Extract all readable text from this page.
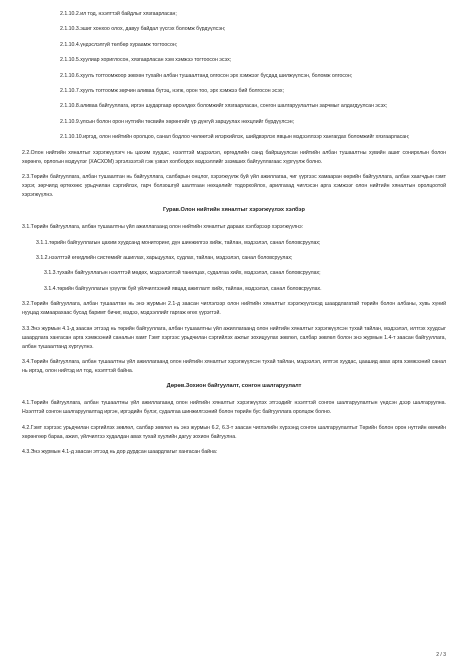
2.1.10.2.ил тод, нээлттэй байдлыг хязгаарласан;

2.1.10.3.эшиг хонхоо олох, давуу байдал үүсгэх боломж бүрдүүлсэн;

2.1.10.4.үндэслэлгүй төлбөр хураамж тогтоосон;

2.1.10.5.хуулиар хориглосон, хязгаарласан хэм хэмжээ тогтоосон эсэх;

2.1.10.6.хуулъ тогтоомжоор зөвхөн тухайн албан тушаалтанд олгосон эрх хэмжээг бусдад шилжүүлсэн, боломж олгосон;

2.1.10.7.хуулъ тогтоомж зөрчин аливаа бүтэц, нэгж, орон тоо, эрх хэмжээ бий болгосон эсэх;

2.1.10.8.аливаа байгууллага, иргэн шударгаар өрсөлдөх боломжийг хязгаарласан, сонгон шалгаруулалтын зарчмыг алдагдуулсан эсэх;

2.1.10.9.улсын болон орон нутгийн төсвийн хөрөнгийг үр дүнгүй зарцуулах нөхцлийг бүрдүүлсэн;

2.1.10.10.иргэд, олон нийтийн оролцоо, санал бодлоо чөлөөтэй илэрхийлэх, шийдвэрлэх явцын мэдээллээр хангагдах боломжийг хязгаарласан;

2.2.Олон нийтийн хяналтыг хэрэгжүүлэгч нь цахим хуудас, нээлттэй мэдээлэл, өргөдлийн санд байршуулсан нийтийн албан тушаалтны хувийн ашиг сонирхлын болон хөрөнгө, орлогын мэдүүлэг (ХАСХОМ) эргэлзээтэй гэж үзвэл холбогдох мэдээллийг эзэмших байгууллагаас хүргүүлж болно.

2.3.Төрийн байгууллага, албан тушаалтан нь байгууллага, салбарын онцлог, хэрэгжүүлж буй үйл ажиллагаа, чиг үүргээс хамааран өөрийн байгууллага, албан хаагчдын гэмт хэрэг, зөрчилд өртөхөөс урьдчилан сэргийлэх, гарч болзошгүй шалтгаан нөхцөлийг тодорхойлох, арилгахад чиглэсэн арга хэмжээг олон нийтийн хяналтын оролцоотой хэрэгжүүлнэ.

Гурав.Олон нийтийн хяналтыг хэрэгжүүлэх хэлбэр

3.1.Төрийн байгууллага, албан тушаалтны үйл ажиллагаанд олон нийтийн хяналтыг дараах хэлбэрээр хэрэгжүүлнэ:

3.1.1.төрийн байгууллагын цахим хуудсанд мониторинг, дүн шинжилгээ хийж, тайлан, мэдээлэл, санал боловсруулах;

3.1.2.нээлттэй өгөгдлийн системийг ашиглах, харьцуулах, судлах, тайлан, мэдээлэл, санал боловсруулах;

3.1.3.тухайн байгууллагын нээлттэй мөдөх, мэдээлэлтэй танилцах, судалгаа хийх, мэдээлэл, санал боловсруулах;

3.1.4.төрийн байгууллагын үзүүлж буй үйлчилгээний явцад ажиглалт хийх, тайлан, мэдээлэл, санал боловсруулах.

3.2.Төрийн байгууллага, албан тушаалтан нь энэ журмын 2.1-д заасан чиглэлээр олон нийтийн хяналтыг хэрэгжүүлэхэд шаардлагатай төрийн болон албаны, хувь хүний нууцад хамаарахаас бусад баримт бичиг, мэдээ, мэдээллийг гаргаж өгөх үүрэгтэй.

3.3.Энэ журмын 4.1-д заасан этгээд нь төрийн байгууллага, албан тушаалтны үйл ажиллагаанд олон нийтийн хяналтыг хэрэгжүүлсэн тухай тайлан, мэдээлэл, илтгэх хуудсыг шаардлага хангасан арга хэмжээний саналын хамт Гэмт хэргээс урьдчилан сэргийлэх ажлыг зохицуулах зөвлөл, салбар зөвлөл болон энэ журмын 1.4-т заасан байгууллага, албан тушаалтанд хүргүүлнэ.

3.4.Төрийн байгууллага, албан тушаалтны үйл ажиллагаанд олон нийтийн хяналтыг хэрэгжүүлсэн тухай тайлан, мэдээлэл, илтгэх хуудас, цаашид авах арга хэмжээний санал нь иргэд, олон нийтэд ил тод, нээлттэй байна.

Дөрөв.Зохион байгуулалт, сонгон шалгаруулалт

4.1.Төрийн байгууллага, албан тушаалтны үйл ажиллагаанд олон нийтийн хяналтыг хэрэгжүүлэх этгээдийг нээлттэй сонгон шалгаруулалтын үндсэн дээр шалгаруулна. Нээлттэй сонгон шалгаруулалтад иргэн, иргэдийн бүлэг, судалгаа шинжилгээний болон төрийн бус байгууллага оролцож болно.

4.2.Гэмт хэргээс урьдчилан сэргийлэх зөвлөл, салбар зөвлөл нь энэ журмын 6.2, 6.3-т заасан чиглэлийн хүрээнд сонгон шалгаруулалтыг Төрийн болон орон нутгийн өмчийн хөрөнгөөр бараа, ажил, үйлчилгээ худалдан авах тухай хуулийн дагуу зохион байгуулна.

4.3.Энэ журмын 4.1-д заасан этгээд нь дор дурдсан шаардлагыг хангасан байна:

2 / 3
